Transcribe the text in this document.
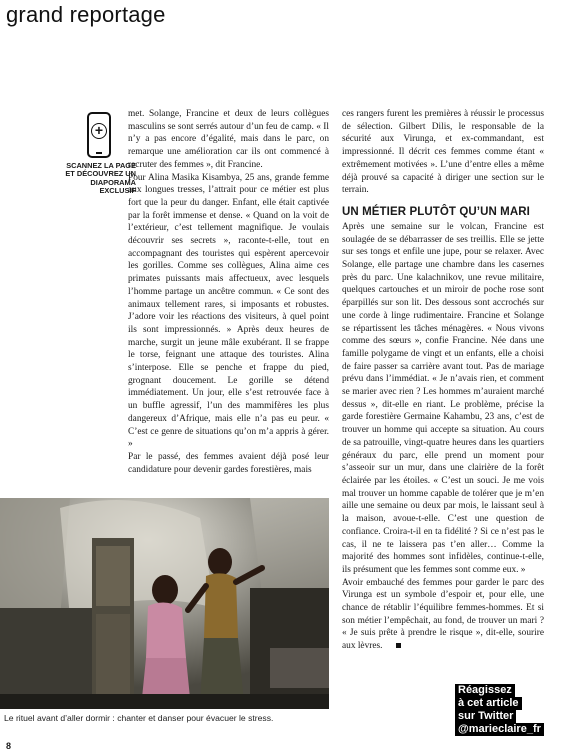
grand reportage
+
SCANNEZ LA PAGE ET DÉCOUVREZ UN DIAPORAMA EXCLUSIF

met. Solange, Francine et deux de leurs collègues masculins se sont serrés autour d’un feu de camp. « Il n’y a pas encore d’égalité, mais dans le parc, on remarque une amélioration car ils ont commencé à recruter des femmes », dit Francine.

Pour Alina Masika Kisambya, 25 ans, grande femme aux longues tresses, l’attrait pour ce métier est plus fort que la peur du danger. Enfant, elle était captivée par la forêt immense et dense. « Quand on la voit de l’extérieur, c’est tellement magnifique. Je voulais découvrir ses secrets », raconte-t-elle, tout en accompagnant des touristes qui espèrent apercevoir les gorilles. Comme ses collègues, Alina aime ces primates puissants mais affectueux, avec lesquels l’homme partage un ancêtre commun. « Ce sont des animaux tellement rares, si imposants et robustes. J’adore voir les réactions des visiteurs, à quel point ils sont impressionnés. » Après deux heures de marche, surgit un jeune mâle exubérant. Il se frappe le torse, feignant une attaque des touristes. Alina s’interpose. Elle se penche et frappe du pied, grognant doucement. Le gorille se détend immédiatement. Un jour, elle s’est retrouvée face à un buffle agressif, l’un des mammifères les plus dangereux d’Afrique, mais elle n’a pas eu peur. « C’est ce genre de situations qu’on m’a appris à gérer. »

Par le passé, des femmes avaient déjà posé leur candidature pour devenir gardes forestières, mais

ces rangers furent les premières à réussir le processus de sélection. Gilbert Dilis, le responsable de la sécurité aux Virunga, et ex-commandant, est impressionné. Il décrit ces femmes comme étant « extrêmement motivées ». L’une d’entre elles a même déjà prouvé sa capacité à diriger une section sur le terrain.

UN MÉTIER PLUTÔT QU’UN MARI

Après une semaine sur le volcan, Francine est soulagée de se débarrasser de ses treillis. Elle se jette sur ses tongs et enfile une jupe, pour se relaxer. Avec Solange, elle partage une chambre dans les casernes près du parc. Une kalachnikov, une revue militaire, quelques cartouches et un miroir de poche rose sont éparpillés sur son lit. Des dessous sont accrochés sur une corde à linge rudimentaire. Francine et Solange se répartissent les tâches ménagères. « Nous vivons comme des sœurs », confie Francine. Née dans une famille polygame de vingt et un enfants, elle a choisi de faire passer sa carrière avant tout. Pas de mariage prévu dans l’immédiat. « Je n’avais rien, et comment se marier avec rien ? Les hommes m’auraient marché dessus », dit-elle en riant. Le problème, précise la garde forestière Germaine Kahambu, 23 ans, c’est de trouver un homme qui accepte sa situation. Au cours de sa patrouille, vingt-quatre heures dans les quartiers généraux du parc, elle prend un moment pour s’asseoir sur un mur, dans une clairière de la forêt éclairée par les étoiles. « C’est un souci. Je me vois mal trouver un homme capable de tolérer que je m’en aille une semaine ou deux par mois, le laissant seul à la maison, avoue-t-elle. C’est une question de confiance. Croira-t-il en ta fidélité ? Si ce n’est pas le cas, il ne te laissera pas t’en aller… Comme la majorité des hommes sont infidèles, continue-t-elle, ils présument que les femmes sont comme eux. »

Avoir embauché des femmes pour garder le parc des Virunga est un symbole d’espoir et, pour elle, une chance de rétablir l’équilibre femmes-hommes. Et si son métier l’empêchait, au fond, de trouver un mari ? « Je suis prête à prendre le risque », dit-elle, sourire aux lèvres.

Le rituel avant d’aller dormir : chanter et danser pour évacuer le stress.
8
Réagissez
à cet article
sur Twitter
@marieclaire_fr
